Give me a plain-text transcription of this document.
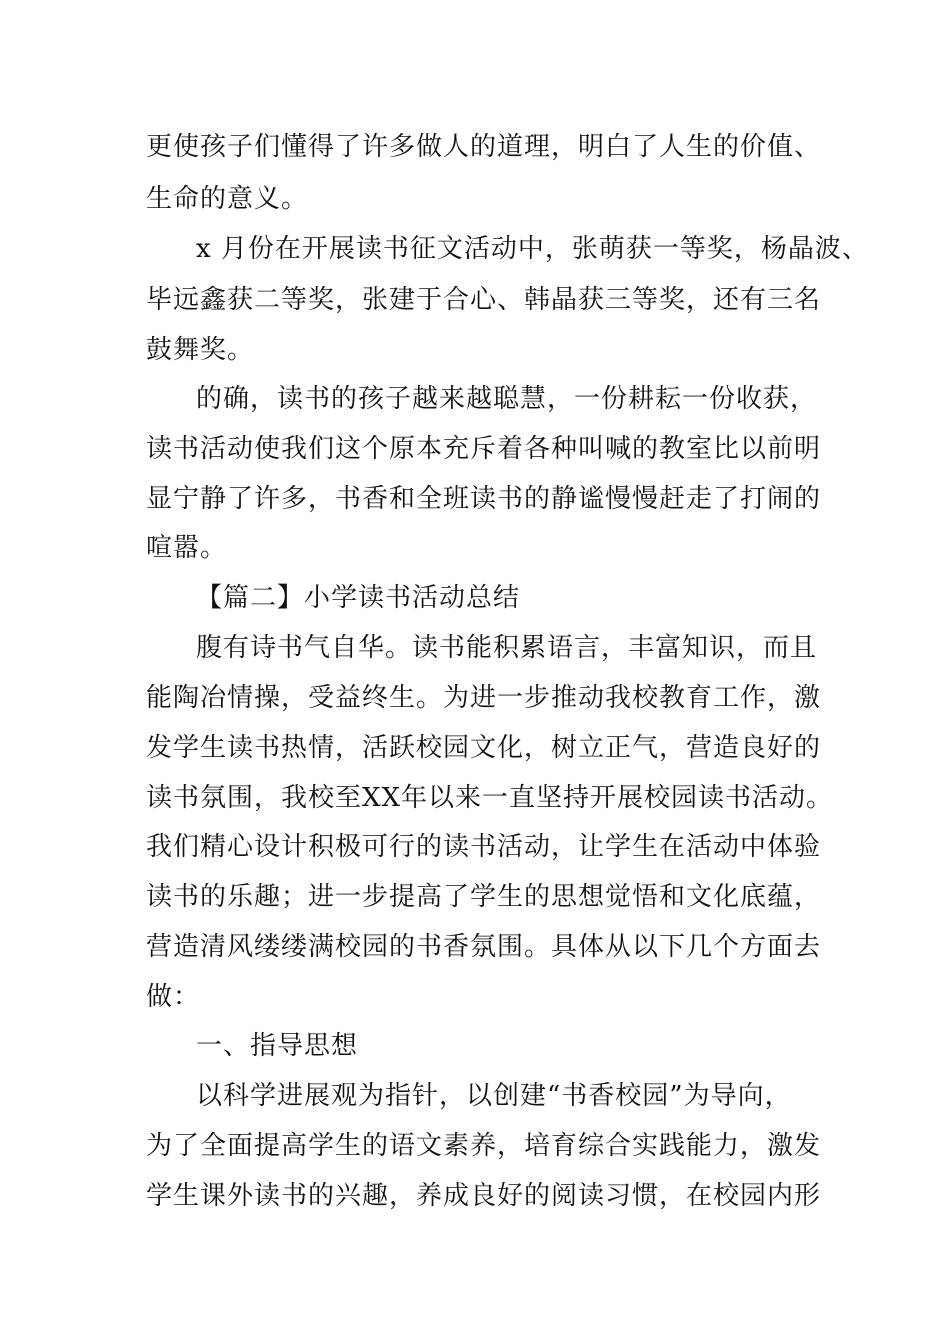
更使孩子们懂得了许多做人的道理，明白了人生的价值、
生命的意义。
x 月份在开展读书征文活动中，张萌获一等奖，杨晶波、
毕远鑫获二等奖，张建于合心、韩晶获三等奖，还有三名
鼓舞奖。
的确，读书的孩子越来越聪慧，一份耕耘一份收获，
读书活动使我们这个原本充斥着各种叫喊的教室比以前明
显宁静了许多，书香和全班读书的静谧慢慢赶走了打闹的
喧嚣。
【篇二】小学读书活动总结
腹有诗书气自华。读书能积累语言，丰富知识，而且
能陶冶情操，受益终生。为进一步推动我校教育工作，激
发学生读书热情，活跃校园文化，树立正气，营造良好的
读书氛围，我校至XX年以来一直坚持开展校园读书活动。
我们精心设计积极可行的读书活动，让学生在活动中体验
读书的乐趣；进一步提高了学生的思想觉悟和文化底蕴，
营造清风缕缕满校园的书香氛围。具体从以下几个方面去
做：
一、指导思想
以科学进展观为指针，以创建“书香校园”为导向，
为了全面提高学生的语文素养，培育综合实践能力，激发
学生课外读书的兴趣，养成良好的阅读习惯，在校园内形
